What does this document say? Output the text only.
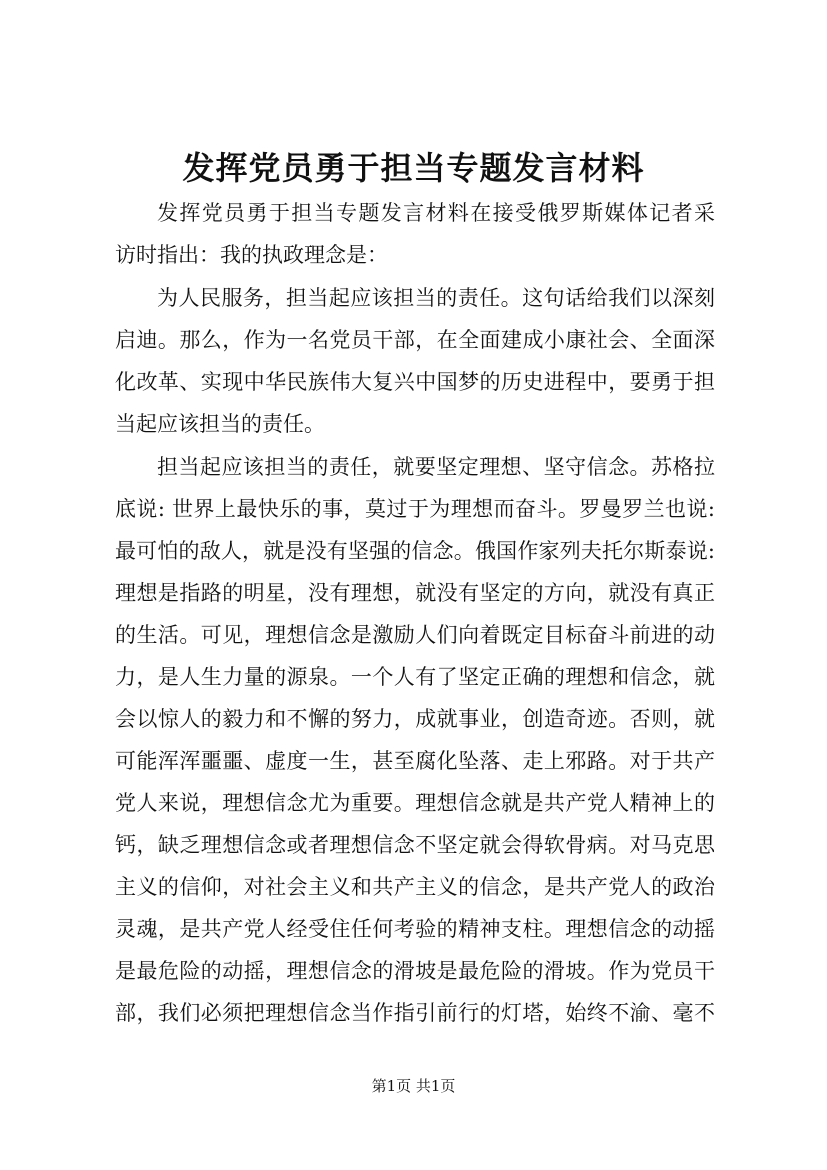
发挥党员勇于担当专题发言材料
发挥党员勇于担当专题发言材料在接受俄罗斯媒体记者采
访时指出：我的执政理念是：
为人民服务，担当起应该担当的责任。这句话给我们以深刻
启迪。那么，作为一名党员干部，在全面建成小康社会、全面深
化改革、实现中华民族伟大复兴中国梦的历史进程中，要勇于担
当起应该担当的责任。
担当起应该担当的责任，就要坚定理想、坚守信念。苏格拉
底说: 世界上最快乐的事，莫过于为理想而奋斗。罗曼罗兰也说:
最可怕的敌人，就是没有坚强的信念。俄国作家列夫托尔斯泰说:
理想是指路的明星，没有理想，就没有坚定的方向，就没有真正
的生活。可见，理想信念是激励人们向着既定目标奋斗前进的动
力，是人生力量的源泉。一个人有了坚定正确的理想和信念，就
会以惊人的毅力和不懈的努力，成就事业，创造奇迹。否则，就
可能浑浑噩噩、虚度一生，甚至腐化坠落、走上邪路。对于共产
党人来说，理想信念尤为重要。理想信念就是共产党人精神上的
钙，缺乏理想信念或者理想信念不坚定就会得软骨病。对马克思
主义的信仰，对社会主义和共产主义的信念，是共产党人的政治
灵魂，是共产党人经受住任何考验的精神支柱。理想信念的动摇
是最危险的动摇，理想信念的滑坡是最危险的滑坡。作为党员干
部，我们必须把理想信念当作指引前行的灯塔，始终不渝、毫不
第1页 共1页
